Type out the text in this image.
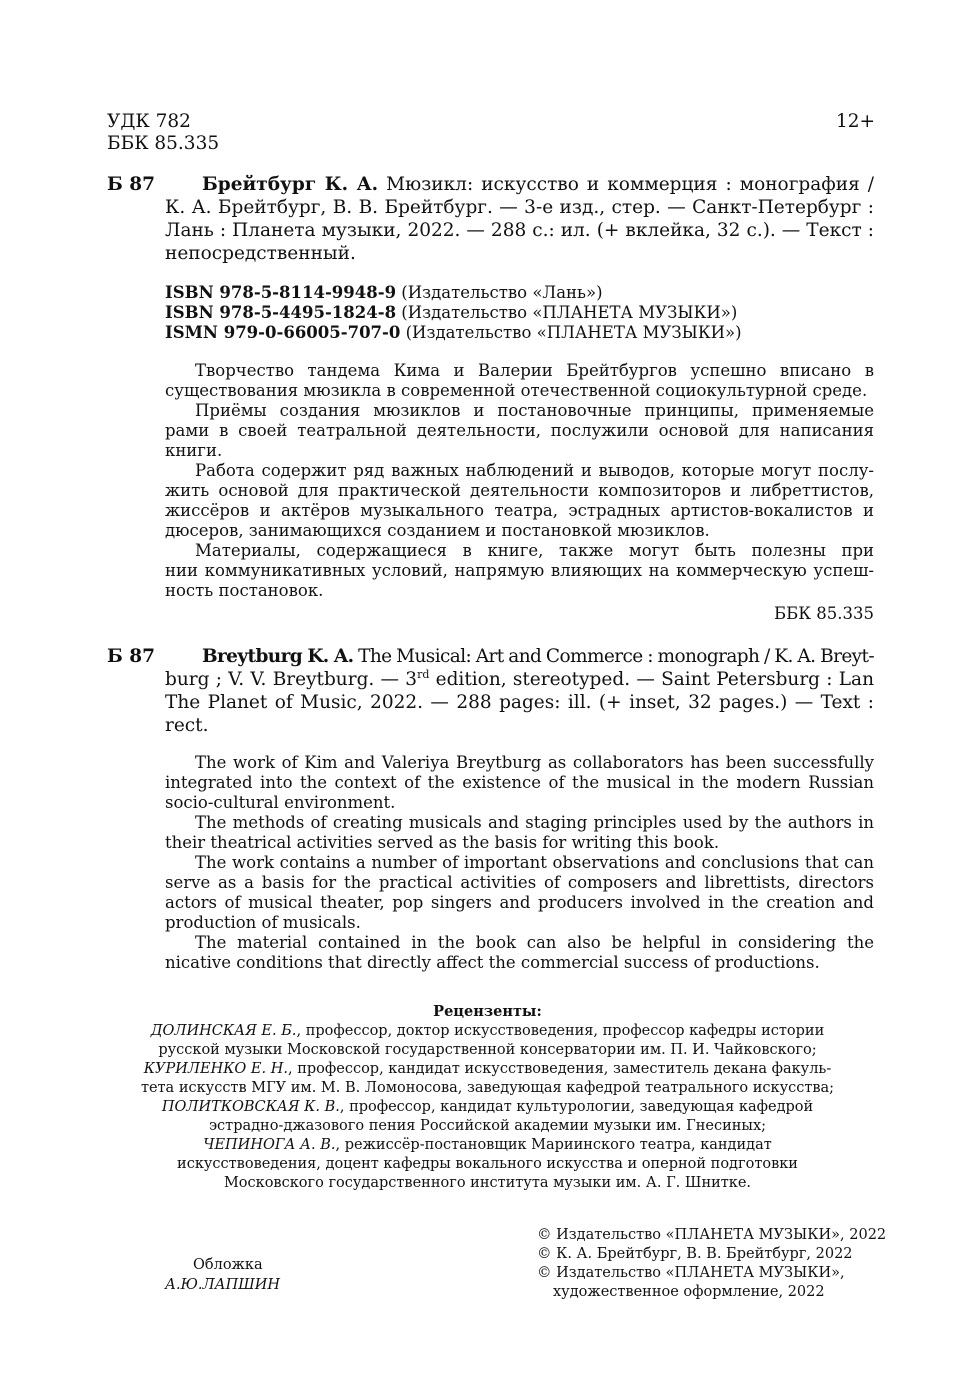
УДК 782
ББК 85.335
12+
Б 87	Брейтбург К. А. Мюзикл: искусство и коммерция : монография /
К. А. Брейтбург, В. В. Брейтбург. — 3-е изд., стер. — Санкт-Петербург :
Лань : Планета музыки, 2022. — 288 с.: ил. (+ вклейка, 32 с.). — Текст :
непосредственный.
ISBN 978-5-8114-9948-9 (Издательство «Лань»)
ISBN 978-5-4495-1824-8 (Издательство «ПЛАНЕТА МУЗЫКИ»)
ISMN 979-0-66005-707-0 (Издательство «ПЛАНЕТА МУЗЫКИ»)
Творчество тандема Кима и Валерии Брейтбургов успешно вписано в
существования мюзикла в современной отечественной социокультурной среде.
Приёмы создания мюзиклов и постановочные принципы, применяемые
рами в своей театральной деятельности, послужили основой для написания
книги.
Работа содержит ряд важных наблюдений и выводов, которые могут послу-
жить основой для практической деятельности композиторов и либреттистов,
жиссёров и актёров музыкального театра, эстрадных артистов-вокалистов и
дюсеров, занимающихся созданием и постановкой мюзиклов.
Материалы, содержащиеся в книге, также могут быть полезны при
нии коммуникативных условий, напрямую влияющих на коммерческую успеш-
ность постановок.
ББК 85.335
Б 87	Breytburg K. A. The Musical: Art and Commerce : monograph / K. A. Breyt-
burg ; V. V. Breytburg. — 3rd edition, stereotyped. — Saint Petersburg : Lan
The Planet of Music, 2022. — 288 pages: ill. (+ inset, 32 pages.) — Text :
rect.
The work of Kim and Valeriya Breytburg as collaborators has been successfully
integrated into the context of the existence of the musical in the modern Russian
socio-cultural environment.
The methods of creating musicals and staging principles used by the authors in
their theatrical activities served as the basis for writing this book.
The work contains a number of important observations and conclusions that can
serve as a basis for the practical activities of composers and librettists, directors
actors of musical theater, pop singers and producers involved in the creation and
production of musicals.
The material contained in the book can also be helpful in considering the
nicative conditions that directly affect the commercial success of productions.
Рецензенты:
ДОЛИНСКАЯ Е. Б., профессор, доктор искусствоведения, профессор кафедры истории
русской музыки Московской государственной консерватории им. П. И. Чайковского;
КУРИЛЕНКО Е. Н., профессор, кандидат искусствоведения, заместитель декана факуль-
тета искусств МГУ им. М. В. Ломоносова, заведующая кафедрой театрального искусства;
ПОЛИТКОВСКАЯ К. В., профессор, кандидат культурологии, заведующая кафедрой
эстрадно-джазового пения Российской академии музыки им. Гнесиных;
ЧЕПИНОГА А. В., режиссёр-постановщик Мариинского театра, кандидат
искусствоведения, доцент кафедры вокального искусства и оперной подготовки
Московского государственного института музыки им. А. Г. Шнитке.
Обложка
А.Ю.ЛАПШИН
© Издательство «ПЛАНЕТА МУЗЫКИ», 2022
© К. А. Брейтбург, В. В. Брейтбург, 2022
© Издательство «ПЛАНЕТА МУЗЫКИ»,
художественное оформление, 2022
